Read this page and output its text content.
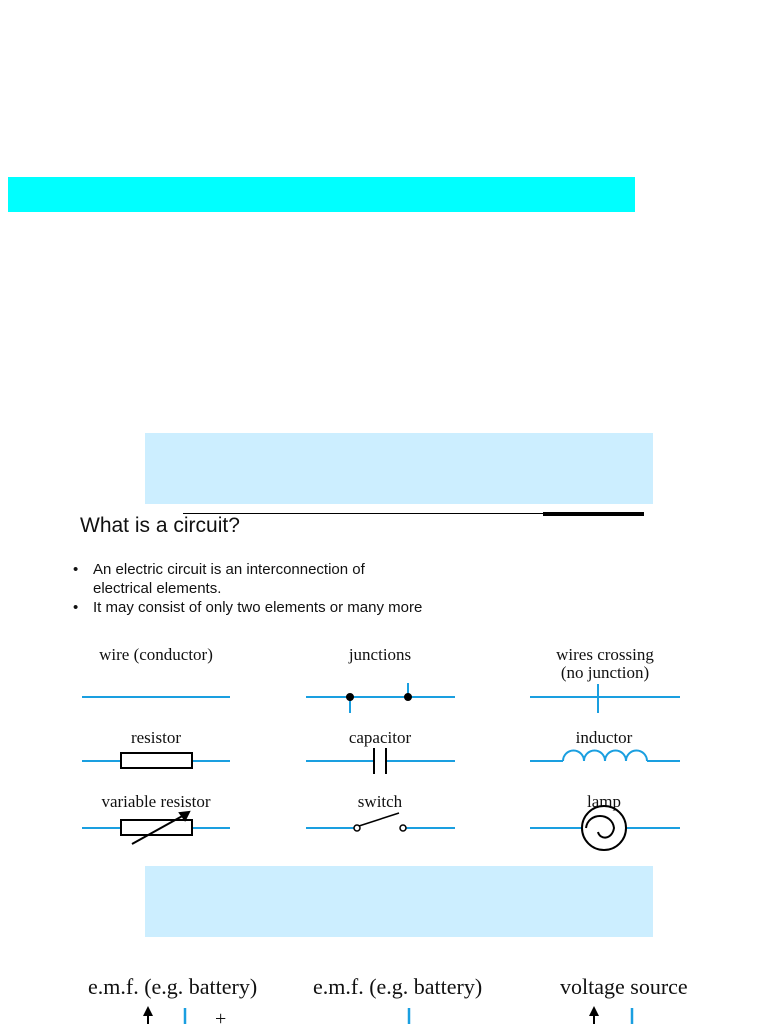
What is a circuit?
• An electric circuit is an interconnection of
electrical elements.
• It may consist of only two elements or many more
wire (conductor)	junctions	wires crossing
(no junction)
resistor	capacitor	inductor
variable resistor	switch	lamp
e.m.f. (e.g. battery)	e.m.f. (e.g. battery)	voltage source
+
